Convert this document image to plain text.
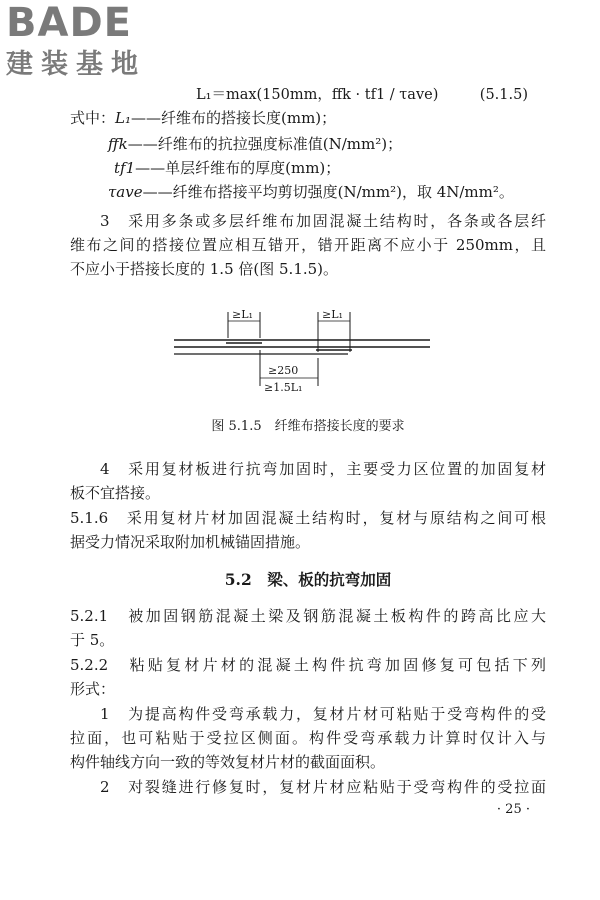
BADE
建装基地
L₁＝max(150mm，ffk · tf1 / τave)	(5.1.5)
式中：L₁——纤维布的搭接长度(mm)；
ffk——纤维布的抗拉强度标准值(N/mm²)；
tf1——单层纤维布的厚度(mm)；
τave——纤维布搭接平均剪切强度(N/mm²)，取 4N/mm²。
3　采用多条或多层纤维布加固混凝土结构时，各条或各层纤
维布之间的搭接位置应相互错开，错开距离不应小于 250mm，且
不应小于搭接长度的 1.5 倍(图 5.1.5)。
≥L₁	≥L₁
≥250
≥1.5L₁
图 5.1.5　纤维布搭接长度的要求
4　采用复材板进行抗弯加固时，主要受力区位置的加固复材
板不宜搭接。
5.1.6　采用复材片材加固混凝土结构时，复材与原结构之间可根
据受力情况采取附加机械锚固措施。
5.2　梁、板的抗弯加固
5.2.1　被加固钢筋混凝土梁及钢筋混凝土板构件的跨高比应大
于 5。
5.2.2　粘贴复材片材的混凝土构件抗弯加固修复可包括下列
形式：
1　为提高构件受弯承载力，复材片材可粘贴于受弯构件的受
拉面，也可粘贴于受拉区侧面。构件受弯承载力计算时仅计入与
构件轴线方向一致的等效复材片材的截面面积。
2　对裂缝进行修复时，复材片材应粘贴于受弯构件的受拉面
· 25 ·
